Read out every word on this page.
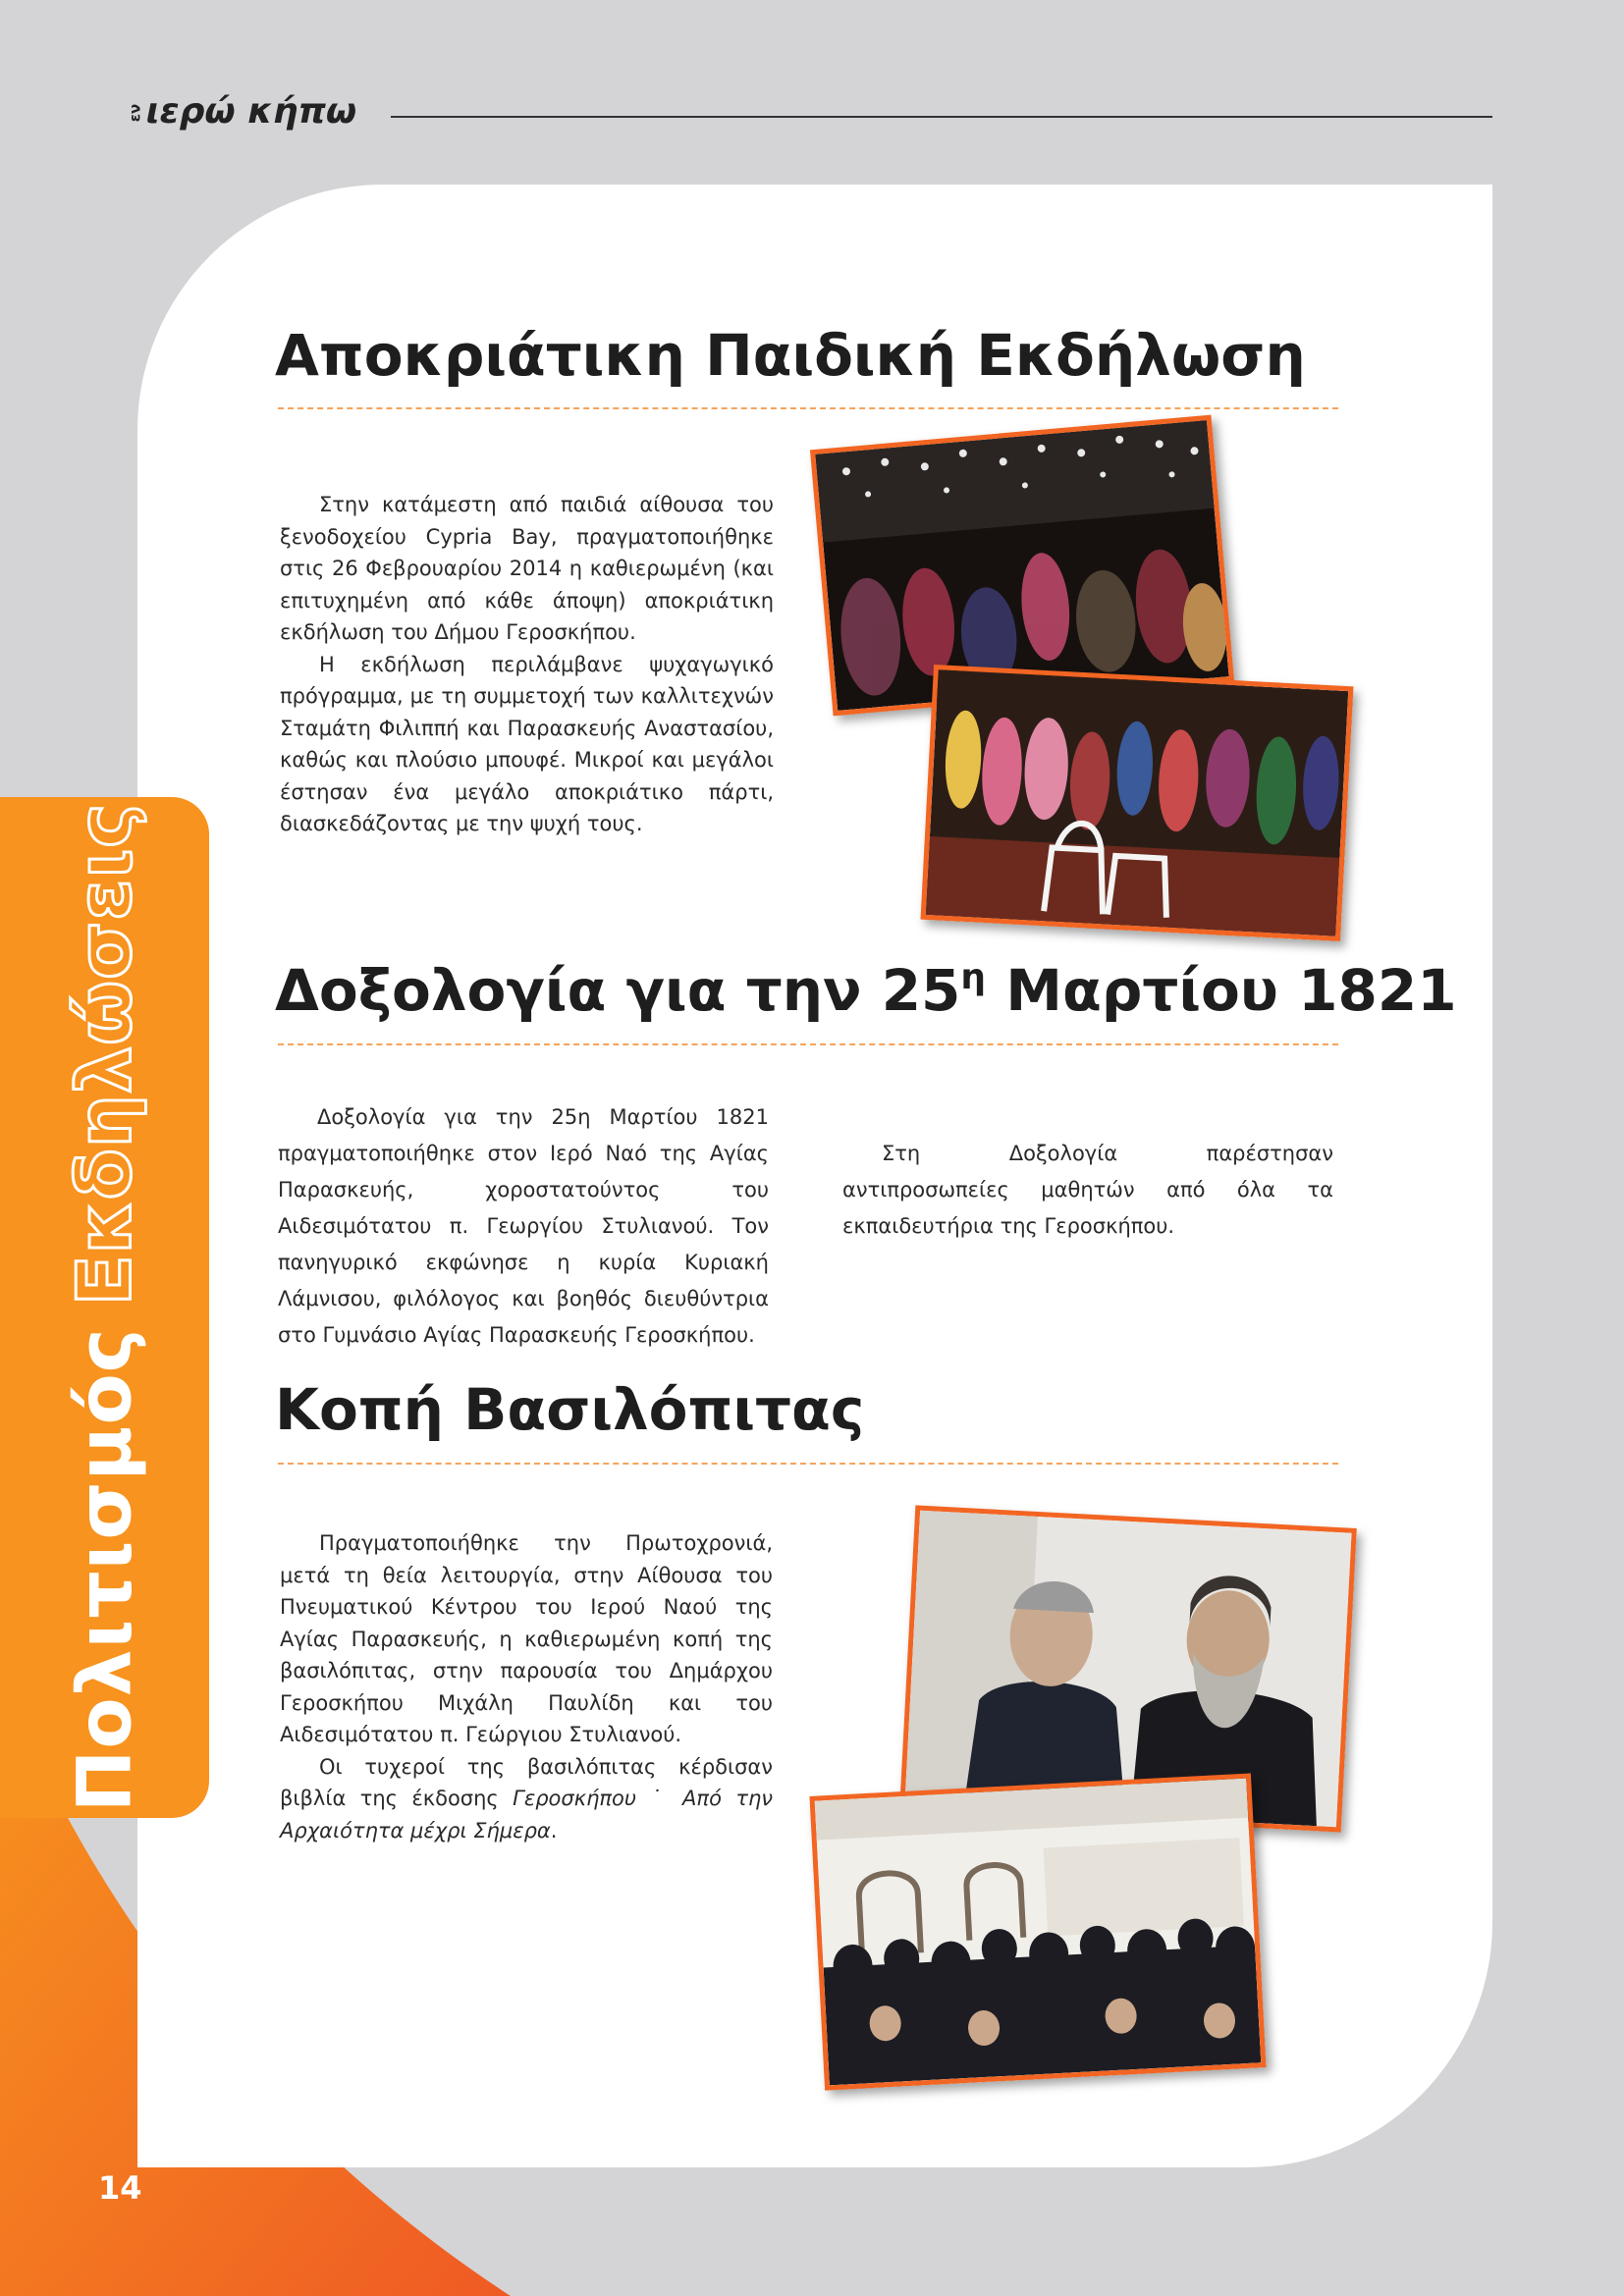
εν ιερώ κήπω
ΠολιτισμόςΕκδηλώσεις
Αποκριάτικη Παιδική Εκδήλωση

Στην κατάμεστη από παιδιά αίθουσα του ξενοδοχείου Cypria Bay, πραγματοποιήθηκε στις 26 Φεβρουαρίου 2014 η καθιερωμένη (και επιτυχημένη από κάθε άποψη) αποκριάτικη εκδήλωση του Δήμου Γεροσκήπου.

Η εκδήλωση περιλάμβανε ψυχαγωγικό πρόγραμμα, με τη συμμετοχή των καλλιτεχνών Σταμάτη Φιλιππή και Παρασκευής Αναστασίου, καθώς και πλούσιο μπουφέ. Μικροί και μεγάλοι έστησαν ένα μεγάλο αποκριάτικο πάρτι, διασκεδάζοντας με την ψυχή τους.

Δοξολογία για την $25^\eta$ Μαρτίου 1821

Δοξολογία για την 25η Μαρτίου 1821 πραγματοποιήθηκε στον Ιερό Ναό της Αγίας Παρασκευής, χοροστατούντος του Αιδεσιμότατου π. Γεωργίου Στυλιανού. Τον πανηγυρικό εκφώνησε η κυρία Κυριακή Λάμνισου, φιλόλογος και βοηθός διευθύντρια στο Γυμνάσιο Αγίας Παρασκευής Γεροσκήπου.

Στη Δοξολογία παρέστησαν αντιπροσωπείες μαθητών από όλα τα εκπαιδευτήρια της Γεροσκήπου.

Κοπή Βασιλόπιτας

Πραγματοποιήθηκε την Πρωτοχρονιά, μετά τη θεία λειτουργία, στην Αίθουσα του Πνευματικού Κέντρου του Ιερού Ναού της Αγίας Παρασκευής, η καθιερωμένη κοπή της βασιλόπιτας, στην παρουσία του Δημάρχου Γεροσκήπου Μιχάλη Παυλίδη και του Αιδεσιμότατου π. Γεώργιου Στυλιανού.

Οι τυχεροί της βασιλόπιτας κέρδισαν βιβλία της έκδοσης Γεροσκήπου ˙ Από την Αρχαιότητα μέχρι Σήμερα.

14
